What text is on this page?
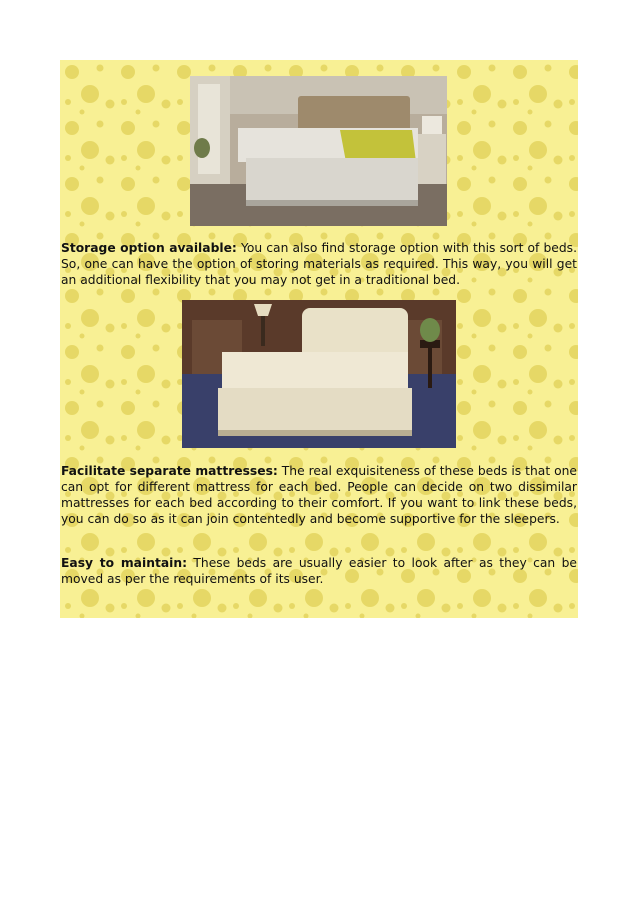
Storage option available: You can also find storage option with this sort of beds. So, one can have the option of storing materials as required. This way, you will get an additional flexibility that you may not get in a traditional bed.

Facilitate separate mattresses: The real exquisiteness of these beds is that one can opt for different mattress for each bed. People can decide on two dissimilar mattresses for each bed according to their comfort. If you want to link these beds, you can do so as it can join contentedly and become supportive for the sleepers.

Easy to maintain: These beds are usually easier to look after as they can be moved as per the requirements of its user.
